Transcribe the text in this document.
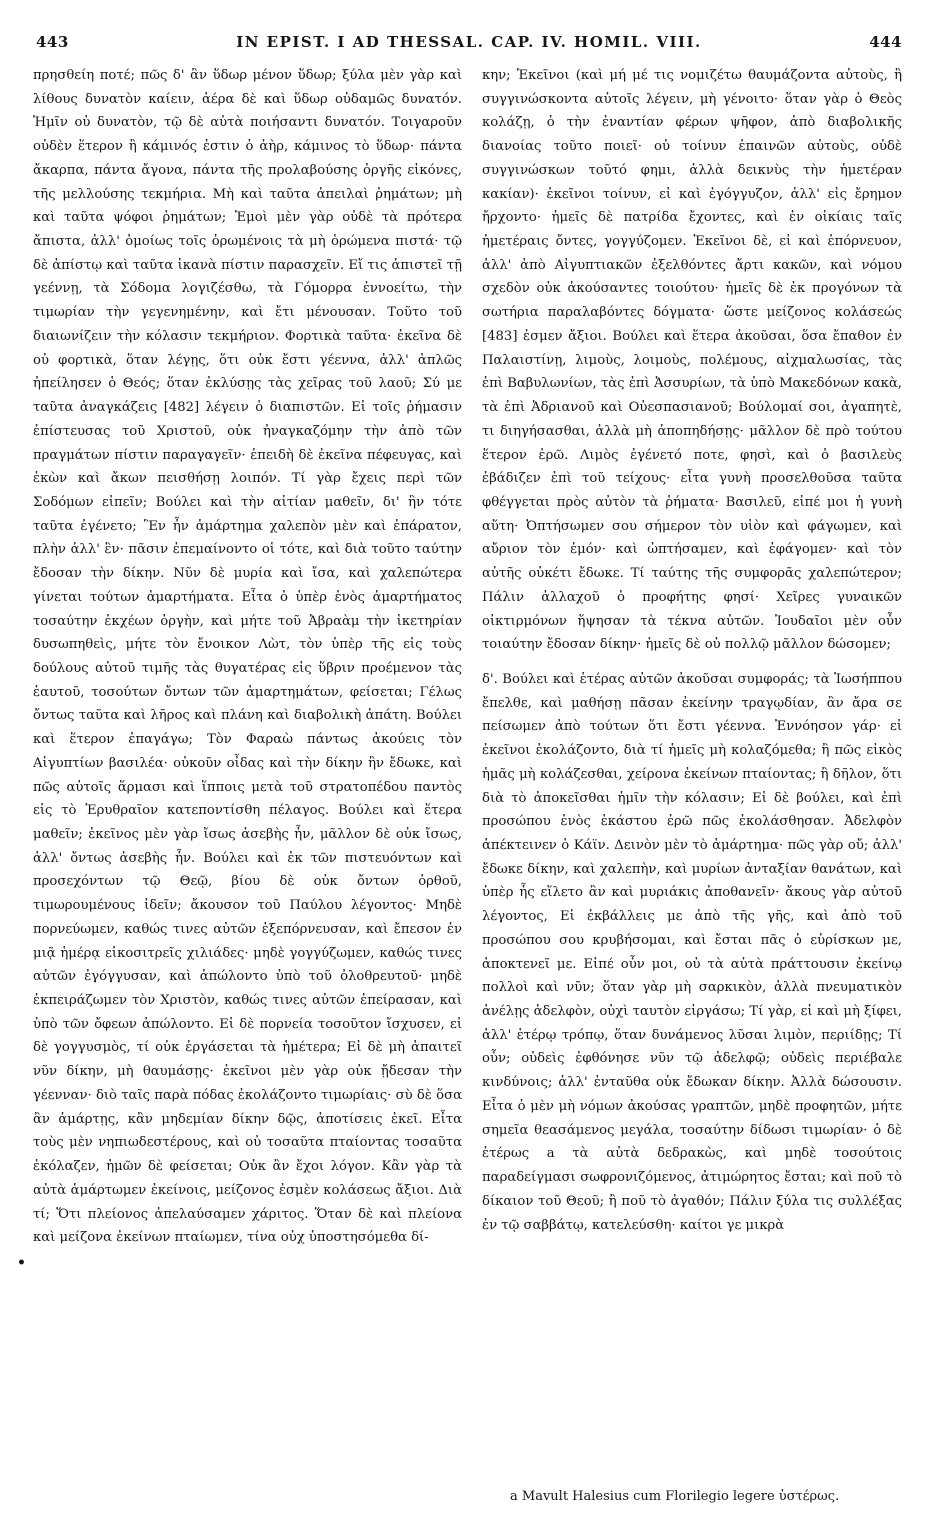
443	IN EPIST. I AD THESSAL. CAP. IV. HOMIL. VIII.	444

πρησθείη ποτέ; πῶς δ' ἂν ὕδωρ μένον ὕδωρ; ξύλα μὲν γὰρ καὶ λίθους δυνατὸν καίειν, ἀέρα δὲ καὶ ὕδωρ οὐδαμῶς δυνατόν. Ἡμῖν οὐ δυνατὸν, τῷ δὲ αὐτὰ ποιήσαντι δυνατόν. Τοιγαροῦν οὐδὲν ἕτερον ἢ κάμινός ἐστιν ὁ ἀὴρ, κάμινος τὸ ὕδωρ· πάντα ἄκαρπα, πάντα ἄγονα, πάντα τῆς προλαβούσης ὀργῆς εἰκόνες, τῆς μελλούσης τεκμήρια. Μὴ καὶ ταῦτα ἀπειλαὶ ῥημάτων; μὴ καὶ ταῦτα ψόφοι ῥημάτων; Ἐμοὶ μὲν γὰρ οὐδὲ τὰ πρότερα ἄπιστα, ἀλλ' ὁμοίως τοῖς ὁρωμένοις τὰ μὴ ὁρώμενα πιστά· τῷ δὲ ἀπίστῳ καὶ ταῦτα ἱκανὰ πίστιν παρασχεῖν. Εἴ τις ἀπιστεῖ τῇ γεέννῃ, τὰ Σόδομα λογιζέσθω, τὰ Γόμορρα ἐννοείτω, τὴν τιμωρίαν τὴν γεγενημένην, καὶ ἔτι μένουσαν. Τοῦτο τοῦ διαιωνίζειν τὴν κόλασιν τεκμήριον. Φορτικὰ ταῦτα· ἐκεῖνα δὲ οὐ φορτικὰ, ὅταν λέγῃς, ὅτι οὐκ ἔστι γέεννα, ἀλλ' ἁπλῶς ἠπείλησεν ὁ Θεός; ὅταν ἐκλύσῃς τὰς χεῖρας τοῦ λαοῦ; Σύ με ταῦτα ἀναγκάζεις [482] λέγειν ὁ διαπιστῶν. Εἰ τοῖς ῥήμασιν ἐπίστευσας τοῦ Χριστοῦ, οὐκ ἠναγκαζόμην τὴν ἀπὸ τῶν πραγμάτων πίστιν παραγαγεῖν· ἐπειδὴ δὲ ἐκεῖνα πέφευγας, καὶ ἑκὼν καὶ ἄκων πεισθήσῃ λοιπόν. Τί γὰρ ἔχεις περὶ τῶν Σοδόμων εἰπεῖν; Βούλει καὶ τὴν αἰτίαν μαθεῖν, δι' ἣν τότε ταῦτα ἐγένετο; Ἓν ἦν ἁμάρτημα χαλεπὸν μὲν καὶ ἐπάρατον, πλὴν ἀλλ' ἓν· πᾶσιν ἐπεμαίνοντο οἱ τότε, καὶ διὰ τοῦτο ταύτην ἔδοσαν τὴν δίκην. Νῦν δὲ μυρία καὶ ἴσα, καὶ χαλεπώτερα γίνεται τούτων ἁμαρτήματα. Εἶτα ὁ ὑπὲρ ἑνὸς ἁμαρτήματος τοσαύτην ἐκχέων ὀργὴν, καὶ μήτε τοῦ Ἀβραὰμ τὴν ἱκετηρίαν δυσωπηθεὶς, μήτε τὸν ἔνοικον Λὼτ, τὸν ὑπὲρ τῆς εἰς τοὺς δούλους αὐτοῦ τιμῆς τὰς θυγατέρας εἰς ὕβριν προέμενον τὰς ἑαυτοῦ, τοσούτων ὄντων τῶν ἁμαρτημάτων, φείσεται; Γέλως ὄντως ταῦτα καὶ λῆρος καὶ πλάνη καὶ διαβολικὴ ἀπάτη. Βούλει καὶ ἕτερον ἐπαγάγω; Τὸν Φαραὼ πάντως ἀκούεις τὸν Αἰγυπτίων βασιλέα· οὐκοῦν οἶδας καὶ τὴν δίκην ἣν ἔδωκε, καὶ πῶς αὐτοῖς ἅρμασι καὶ ἵπποις μετὰ τοῦ στρατοπέδου παντὸς εἰς τὸ Ἐρυθραῖον κατεποντίσθη πέλαγος. Βούλει καὶ ἕτερα μαθεῖν; ἐκεῖνος μὲν γὰρ ἴσως ἀσεβὴς ἦν, μᾶλλον δὲ οὐκ ἴσως, ἀλλ' ὄντως ἀσεβὴς ἦν. Βούλει καὶ ἐκ τῶν πιστευόντων καὶ προσεχόντων τῷ Θεῷ, βίου δὲ οὐκ ὄντων ὀρθοῦ, τιμωρουμένους ἰδεῖν; ἄκουσον τοῦ Παύλου λέγοντος· Μηδὲ πορνεύωμεν, καθώς τινες αὐτῶν ἐξεπόρνευσαν, καὶ ἔπεσον ἐν μιᾷ ἡμέρᾳ εἰκοσιτρεῖς χιλιάδες· μηδὲ γογγύζωμεν, καθώς τινες αὐτῶν ἐγόγγυσαν, καὶ ἀπώλοντο ὑπὸ τοῦ ὀλοθρευτοῦ· μηδὲ ἐκπειράζωμεν τὸν Χριστὸν, καθώς τινες αὐτῶν ἐπείρασαν, καὶ ὑπὸ τῶν ὄφεων ἀπώλοντο. Εἰ δὲ πορνεία τοσοῦτον ἴσχυσεν, εἰ δὲ γογγυσμὸς, τί οὐκ ἐργάσεται τὰ ἡμέτερα; Εἰ δὲ μὴ ἀπαιτεῖ νῦν δίκην, μὴ θαυμάσῃς· ἐκεῖνοι μὲν γὰρ οὐκ ᾔδεσαν τὴν γέενναν· διὸ ταῖς παρὰ πόδας ἐκολάζοντο τιμωρίαις· σὺ δὲ ὅσα ἂν ἁμάρτῃς, κἂν μηδεμίαν δίκην δῷς, ἀποτίσεις ἐκεῖ. Εἶτα τοὺς μὲν νηπιωδεστέρους, καὶ οὐ τοσαῦτα πταίοντας τοσαῦτα ἐκόλαζεν, ἡμῶν δὲ φείσεται; Οὐκ ἂν ἔχοι λόγον. Κἂν γὰρ τὰ αὐτὰ ἁμάρτωμεν ἐκείνοις, μείζονος ἐσμὲν κολάσεως ἄξιοι. Διὰ τί; Ὅτι πλείονος ἀπελαύσαμεν χάριτος. Ὅταν δὲ καὶ πλείονα καὶ μείζονα ἐκείνων πταίωμεν, τίνα οὐχ ὑποστησόμεθα δί-

κην; Ἐκεῖνοι (καὶ μή μέ τις νομιζέτω θαυμάζοντα αὐτοὺς, ἢ συγγινώσκοντα αὐτοῖς λέγειν, μὴ γένοιτο· ὅταν γὰρ ὁ Θεὸς κολάζῃ, ὁ τὴν ἐναντίαν φέρων ψῆφον, ἀπὸ διαβολικῆς διανοίας τοῦτο ποιεῖ· οὐ τοίνυν ἐπαινῶν αὐτοὺς, οὐδὲ συγγινώσκων τοῦτό φημι, ἀλλὰ δεικνὺς τὴν ἡμετέραν κακίαν)· ἐκεῖνοι τοίνυν, εἰ καὶ ἐγόγγυζον, ἀλλ' εἰς ἔρημον ἤρχοντο· ἡμεῖς δὲ πατρίδα ἔχοντες, καὶ ἐν οἰκίαις ταῖς ἡμετέραις ὄντες, γογγύζομεν. Ἐκεῖνοι δὲ, εἰ καὶ ἐπόρνευον, ἀλλ' ἀπὸ Αἰγυπτιακῶν ἐξελθόντες ἄρτι κακῶν, καὶ νόμου σχεδὸν οὐκ ἀκούσαντες τοιούτου· ἡμεῖς δὲ ἐκ προγόνων τὰ σωτήρια παραλαβόντες δόγματα· ὥστε μείζονος κολάσεώς [483] ἐσμεν ἄξιοι. Βούλει καὶ ἕτερα ἀκοῦσαι, ὅσα ἔπαθον ἐν Παλαιστίνῃ, λιμοὺς, λοιμοὺς, πολέμους, αἰχμαλωσίας, τὰς ἐπὶ Βαβυλωνίων, τὰς ἐπὶ Ἀσσυρίων, τὰ ὑπὸ Μακεδόνων κακὰ, τὰ ἐπὶ Ἀδριανοῦ καὶ Οὐεσπασιανοῦ; Βούλομαί σοι, ἀγαπητὲ, τι διηγήσασθαι, ἀλλὰ μὴ ἀποπηδήσῃς· μᾶλλον δὲ πρὸ τούτου ἕτερον ἐρῶ. Λιμὸς ἐγένετό ποτε, φησὶ, καὶ ὁ βασιλεὺς ἐβάδιζεν ἐπὶ τοῦ τείχους· εἶτα γυνὴ προσελθοῦσα ταῦτα φθέγγεται πρὸς αὐτὸν τὰ ῥήματα· Βασιλεῦ, εἰπέ μοι ἡ γυνὴ αὕτη· Ὀπτήσωμεν σου σήμερον τὸν υἱὸν καὶ φάγωμεν, καὶ αὔριον τὸν ἐμόν· καὶ ὠπτήσαμεν, καὶ ἐφάγομεν· καὶ τὸν αὐτῆς οὐκέτι ἔδωκε. Τί ταύτης τῆς συμφορᾶς χαλεπώτερον; Πάλιν ἀλλαχοῦ ὁ προφήτης φησί· Χεῖρες γυναικῶν οἰκτιρμόνων ἥψησαν τὰ τέκνα αὐτῶν. Ἰουδαῖοι μὲν οὖν τοιαύτην ἔδοσαν δίκην· ἡμεῖς δὲ οὐ πολλῷ μᾶλλον δώσομεν;

δ'. Βούλει καὶ ἑτέρας αὐτῶν ἀκοῦσαι συμφοράς; τὰ Ἰωσήππου ἔπελθε, καὶ μαθήσῃ πᾶσαν ἐκείνην τραγῳδίαν, ἂν ἄρα σε πείσωμεν ἀπὸ τούτων ὅτι ἔστι γέεννα. Ἐννόησον γάρ· εἰ ἐκεῖνοι ἐκολάζοντο, διὰ τί ἡμεῖς μὴ κολαζόμεθα; ἢ πῶς εἰκὸς ἡμᾶς μὴ κολάζεσθαι, χείρονα ἐκείνων πταίοντας; ἢ δῆλον, ὅτι διὰ τὸ ἀποκεῖσθαι ἡμῖν τὴν κόλασιν; Εἰ δὲ βούλει, καὶ ἐπὶ προσώπου ἑνὸς ἑκάστου ἐρῶ πῶς ἐκολάσθησαν. Ἀδελφὸν ἀπέκτεινεν ὁ Κάϊν. Δεινὸν μὲν τὸ ἁμάρτημα· πῶς γὰρ οὔ; ἀλλ' ἔδωκε δίκην, καὶ χαλεπὴν, καὶ μυρίων ἀνταξίαν θανάτων, καὶ ὑπὲρ ἧς εἵλετο ἂν καὶ μυριάκις ἀποθανεῖν· ἄκους γὰρ αὐτοῦ λέγοντος, Εἰ ἐκβάλλεις με ἀπὸ τῆς γῆς, καὶ ἀπὸ τοῦ προσώπου σου κρυβήσομαι, καὶ ἔσται πᾶς ὁ εὑρίσκων με, ἀποκτενεῖ με. Εἰπέ οὖν μοι, οὐ τὰ αὐτὰ πράττουσιν ἐκείνῳ πολλοὶ καὶ νῦν; ὅταν γὰρ μὴ σαρκικὸν, ἀλλὰ πνευματικὸν ἀνέλῃς ἀδελφὸν, οὐχὶ ταυτὸν εἰργάσω; Τί γὰρ, εἰ καὶ μὴ ξίφει, ἀλλ' ἑτέρῳ τρόπῳ, ὅταν δυνάμενος λῦσαι λιμὸν, περιίδῃς; Τί οὖν; οὐδεὶς ἐφθόνησε νῦν τῷ ἀδελφῷ; οὐδεὶς περιέβαλε κινδύνοις; ἀλλ' ἐνταῦθα οὐκ ἔδωκαν δίκην. Ἀλλὰ δώσουσιν. Εἶτα ὁ μὲν μὴ νόμων ἀκούσας γραπτῶν, μηδὲ προφητῶν, μήτε σημεῖα θεασάμενος μεγάλα, τοσαύτην δίδωσι τιμωρίαν· ὁ δὲ ἑτέρως a τὰ αὐτὰ δεδρακὼς, καὶ μηδὲ τοσούτοις παραδείγμασι σωφρονιζόμενος, ἀτιμώρητος ἔσται; καὶ ποῦ τὸ δίκαιον τοῦ Θεοῦ; ἢ ποῦ τὸ ἀγαθόν; Πάλιν ξύλα τις συλλέξας ἐν τῷ σαββάτῳ, κατελεύσθη· καίτοι γε μικρὰ

•
a Mavult Halesius cum Florilegio legere ὑστέρως.
